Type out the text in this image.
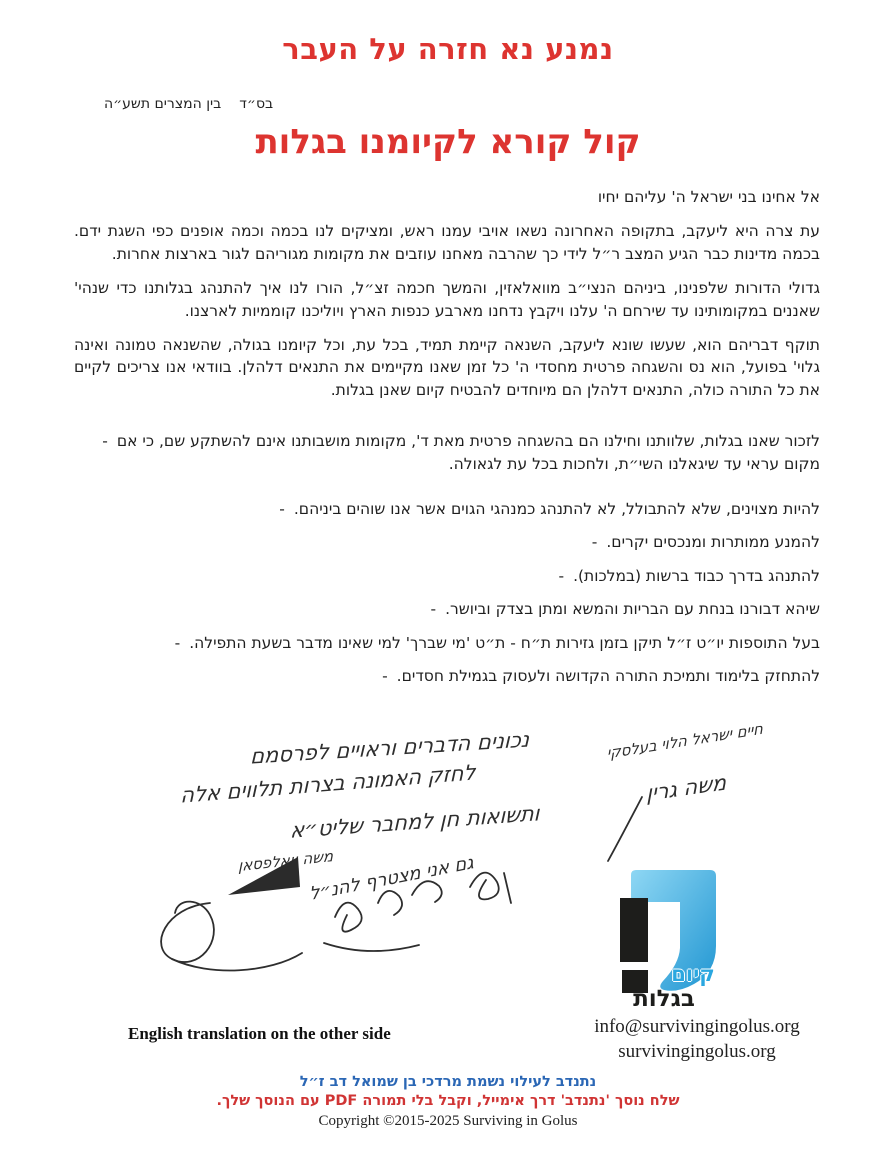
נמנע נא חזרה על העבר
בס״ד
בין המצרים תשע״ה
קול קורא לקיומנו בגלות

אל אחינו בני ישראל ה' עליהם יחיו

עת צרה היא ליעקב, בתקופה האחרונה נשאו אויבי עמנו ראש, ומציקים לנו בכמה וכמה אופנים כפי השגת ידם. בכמה מדינות כבר הגיע המצב ר״ל לידי כך שהרבה מאחנו עוזבים את מקומות מגוריהם לגור בארצות אחרות.

גדולי הדורות שלפנינו, ביניהם הנצי״ב מוואלאזין, והמשך חכמה זצ״ל, הורו לנו איך להתנהג בגלותנו כדי שנהי' שאננים במקומותינו עד שירחם ה' עלנו ויקבץ נדחנו מארבע כנפות הארץ ויוליכנו קוממיות לארצנו.

תוקף דבריהם הוא, שעשו שונא ליעקב, השנאה קיימת תמיד, בכל עת, וכל קיומנו בגולה, שהשנאה טמונה ואינה גלוי' בפועל, הוא נס והשגחה פרטית מחסדי ה' כל זמן שאנו מקיימים את התנאים דלהלן. בוודאי אנו צריכים לקיים את כל התורה כולה, התנאים דלהלן הם מיוחדים להבטיח קיום שאנן בגלות.

- לזכור שאנו בגלות, שלוותנו וחילנו הם בהשגחה פרטית מאת ד', מקומות מושבותנו אינם להשתקע שם, כי אם מקום עראי עד שיגאלנו השי״ת, ולחכות בכל עת לגאולה.
- להיות מצוינים, שלא להתבולל, לא להתנהג כמנהגי הגוים אשר אנו שוהים ביניהם.
- להמנע ממותרות ומנכסים יקרים.
- להתנהג בדרך כבוד ברשות (במלכות).
- שיהא דבורנו בנחת עם הבריות והמשא ומתן בצדק וביושר.
- בעל התוספות יו״ט ז״ל תיקן בזמן גזירות ת״ח - ת״ט 'מי שברך' למי שאינו מדבר בשעת התפילה.
- להתחזק בלימוד ותמיכת התורה הקדושה ולעסוק בגמילת חסדים.
נכונים הדברים וראויים לפרסמם
לחזק האמונה בצרות תלווים אלה
ותשואות חן למחבר שליט״א
חיים ישראל הלוי בעלסקי
משה גרין
משה וואלפסאן
גם אני מצטרף להנ״ל
קיום
בגלות
English translation on the other side	info@survivingingolus.org
survivingingolus.org
נתנדב לעילוי נשמת מרדכי בן שמואל דב ז״ל
שלח נוסך 'נתנדב' דרך אימייל, וקבל בלי תמורה PDF עם הנוסך שלך.
Copyright ©2015-2025 Surviving in Golus
